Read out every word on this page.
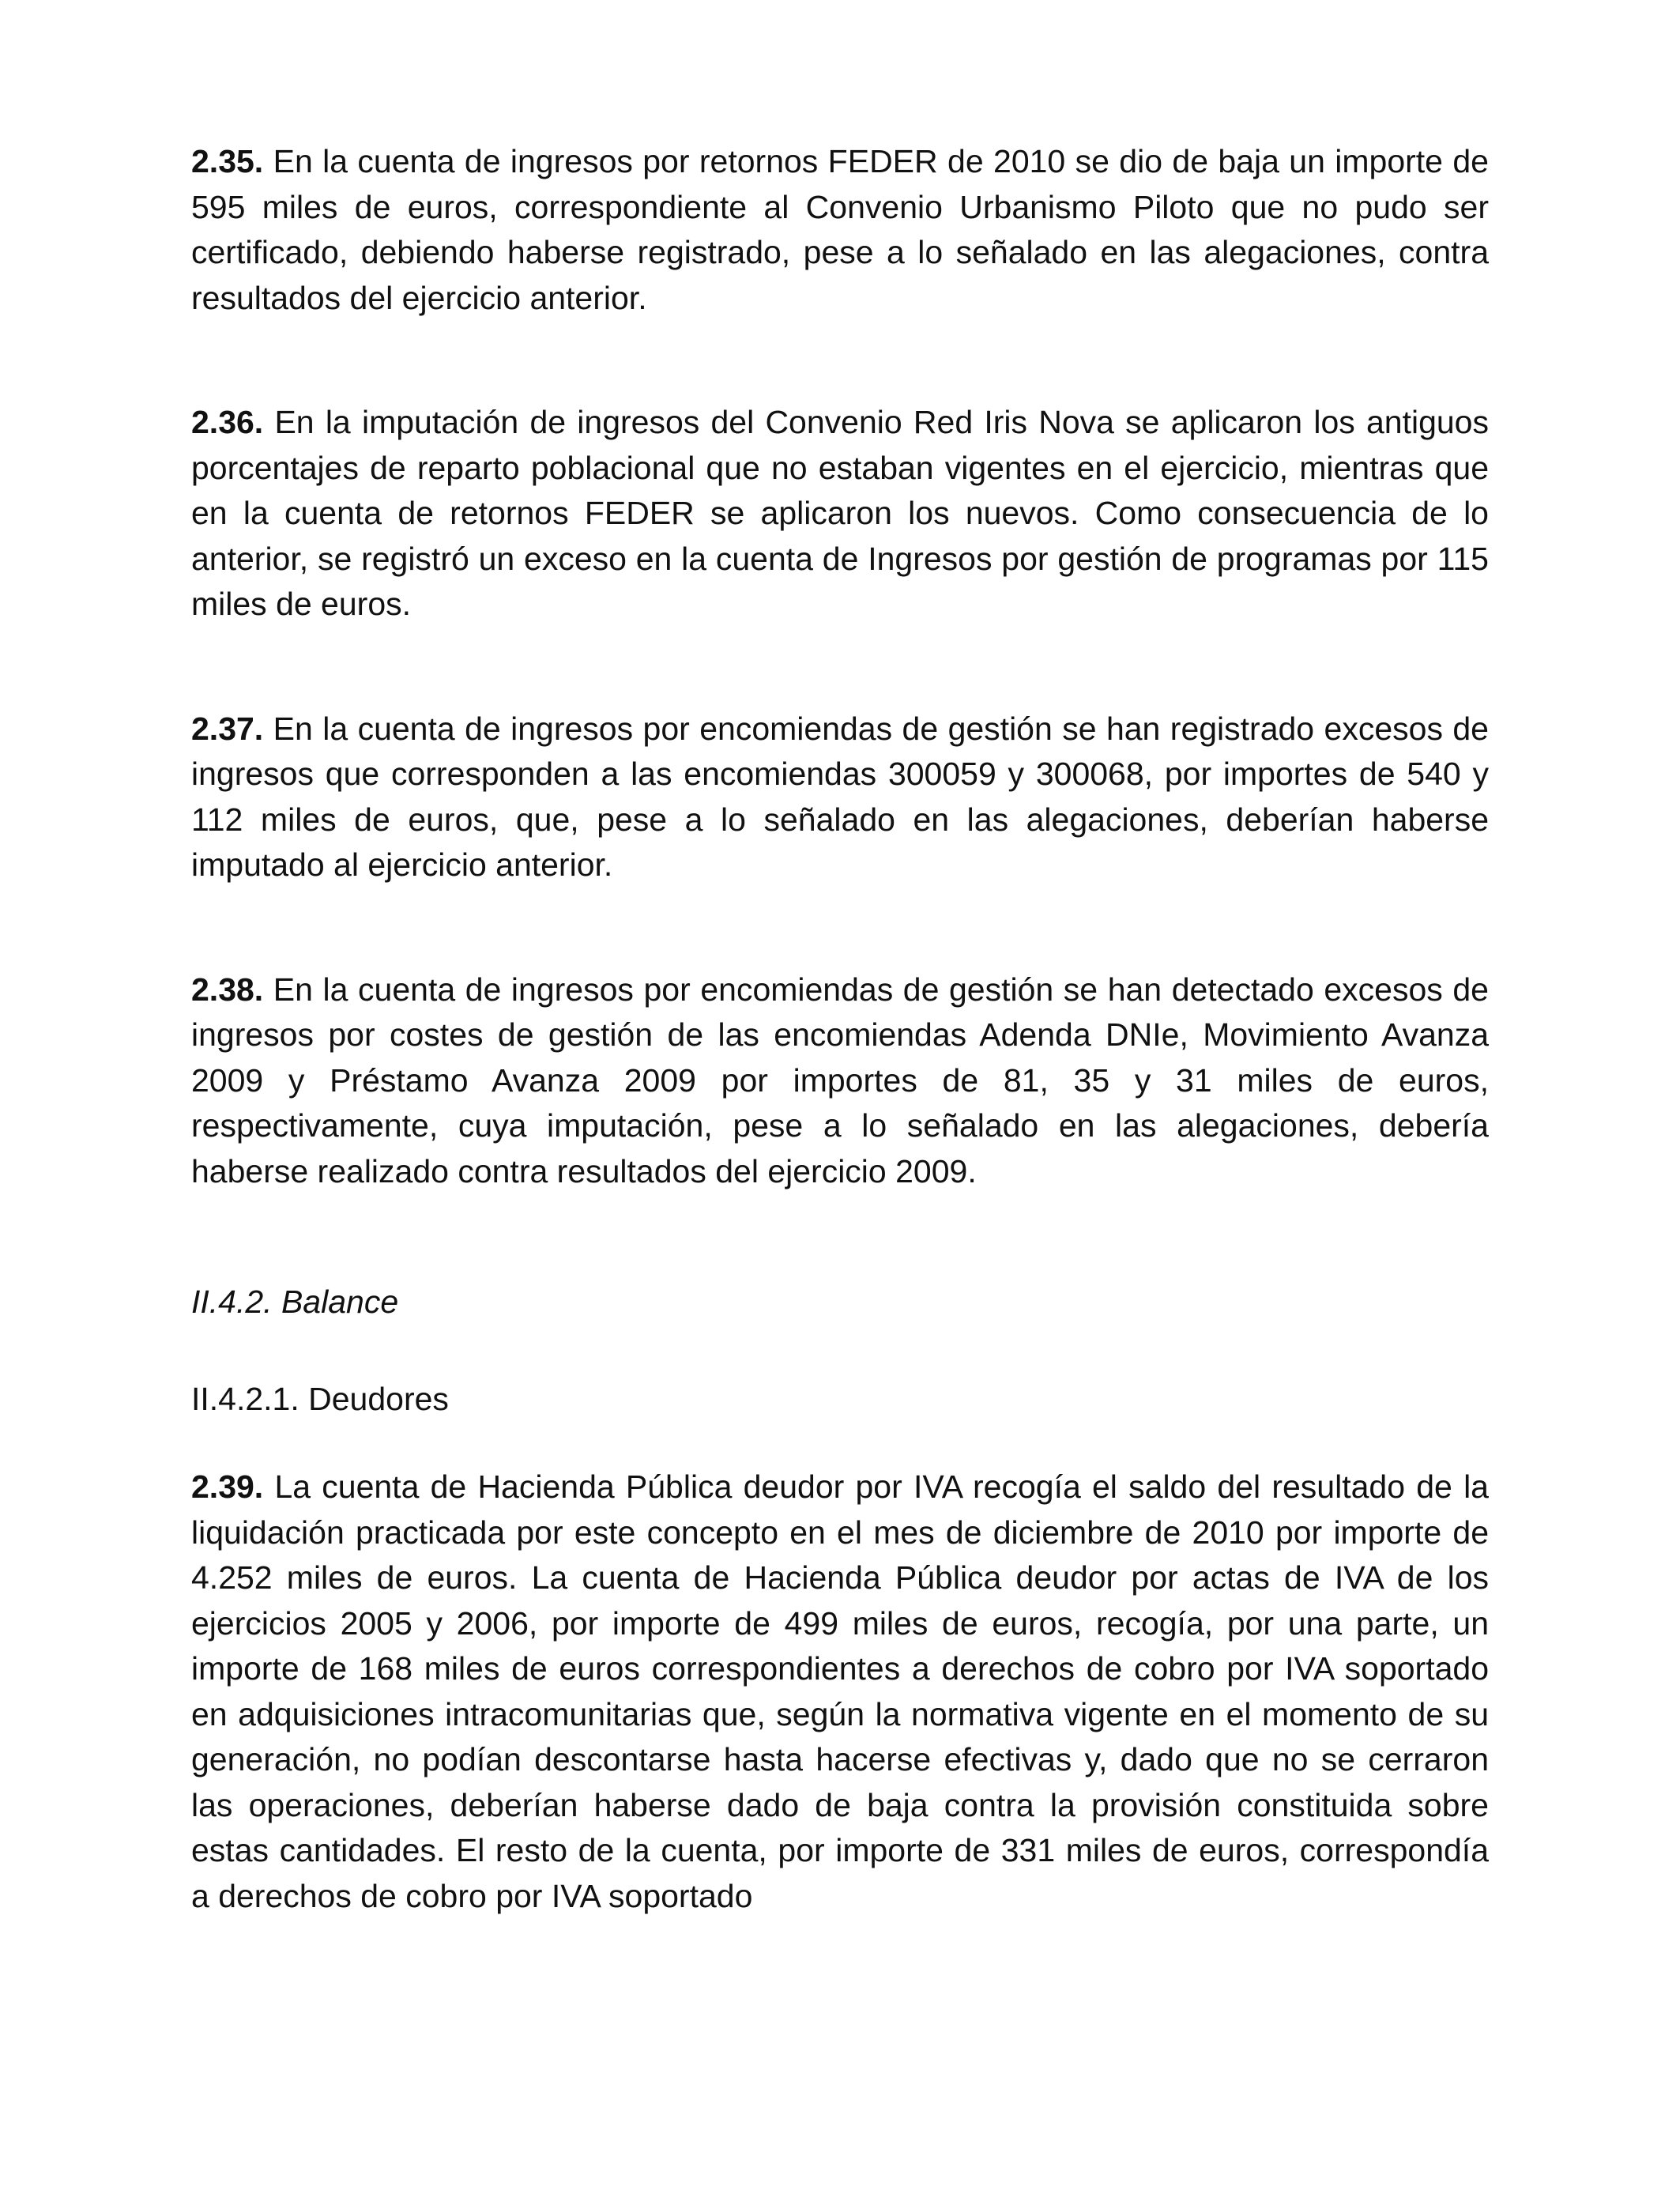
2.35. En la cuenta de ingresos por retornos FEDER de 2010 se dio de baja un importe de 595 miles de euros, correspondiente al Convenio Urbanismo Piloto que no pudo ser certificado, debiendo haberse registrado, pese a lo señalado en las alegaciones, contra resultados del ejercicio anterior.

2.36. En la imputación de ingresos del Convenio Red Iris Nova se aplicaron los antiguos porcentajes de reparto poblacional que no estaban vigentes en el ejercicio, mientras que en la cuenta de retornos FEDER se aplicaron los nuevos. Como consecuencia de lo anterior, se registró un exceso en la cuenta de Ingresos por gestión de programas por 115 miles de euros.

2.37. En la cuenta de ingresos por encomiendas de gestión se han registrado excesos de ingresos que corresponden a las encomiendas 300059 y 300068, por importes de 540 y 112 miles de euros, que, pese a lo señalado en las alegaciones, deberían haberse imputado al ejercicio anterior.

2.38. En la cuenta de ingresos por encomiendas de gestión se han detectado excesos de ingresos por costes de gestión de las encomiendas Adenda DNIe, Movimiento Avanza 2009 y Préstamo Avanza 2009 por importes de 81, 35 y 31 miles de euros, respectivamente, cuya imputación, pese a lo señalado en las alegaciones, debería haberse realizado contra resultados del ejercicio 2009.

II.4.2. Balance

II.4.2.1. Deudores

2.39. La cuenta de Hacienda Pública deudor por IVA recogía el saldo del resultado de la liquidación practicada por este concepto en el mes de diciembre de 2010 por importe de 4.252 miles de euros. La cuenta de Hacienda Pública deudor por actas de IVA de los ejercicios 2005 y 2006, por importe de 499 miles de euros, recogía, por una parte, un importe de 168 miles de euros correspondientes a derechos de cobro por IVA soportado en adquisiciones intracomunitarias que, según la normativa vigente en el momento de su generación, no podían descontarse hasta hacerse efectivas y, dado que no se cerraron las operaciones, deberían haberse dado de baja contra la provisión constituida sobre estas cantidades. El resto de la cuenta, por importe de 331 miles de euros, correspondía a derechos de cobro por IVA soportado
